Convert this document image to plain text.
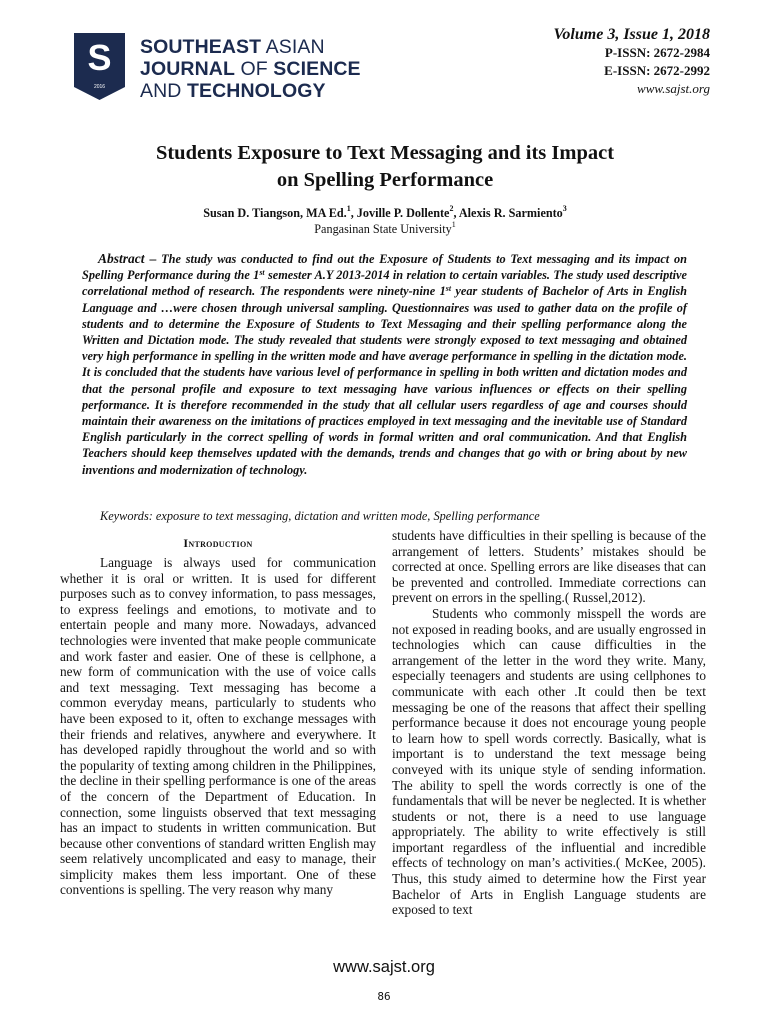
S
2016
SOUTHEAST ASIAN
JOURNAL OF SCIENCE
AND TECHNOLOGY
Volume 3, Issue 1, 2018
P-ISSN: 2672-2984
E-ISSN: 2672-2992
www.sajst.org
Students Exposure to Text Messaging and its Impact
on Spelling Performance
Susan D. Tiangson, MA Ed.$^1$, Joville P. Dollente$^2$, Alexis R. Sarmiento$^3$
Pangasinan State University$^1$
Abstract – The study was conducted to find out the Exposure of Students to Text messaging and its impact on Spelling Performance during the 1st semester A.Y 2013-2014 in relation to certain variables. The study used descriptive correlational method of research. The respondents were ninety-nine 1st year students of Bachelor of Arts in English Language and …were chosen through universal sampling. Questionnaires was used to gather data on the profile of students and to determine the Exposure of Students to Text Messaging and their spelling performance along the Written and Dictation mode. The study revealed that students were strongly exposed to text messaging and obtained very high performance in spelling in the written mode and have average performance in spelling in the dictation mode. It is concluded that the students have various level of performance in spelling in both written and dictation modes and that the personal profile and exposure to text messaging have various influences or effects on their spelling performance. It is therefore recommended in the study that all cellular users regardless of age and courses should maintain their awareness on the imitations of practices employed in text messaging and the inevitable use of Standard English particularly in the correct spelling of words in formal written and oral communication. And that English Teachers should keep themselves updated with the demands, trends and changes that go with or bring about by new inventions and modernization of technology.
Keywords: exposure to text messaging, dictation and written mode, Spelling performance
Introduction

Language is always used for communication whether it is oral or written. It is used for different purposes such as to convey information, to pass messages, to express feelings and emotions, to motivate and to entertain people and many more. Nowadays, advanced technologies were invented that make people communicate and work faster and easier. One of these is cellphone, a new form of communication with the use of voice calls and text messaging. Text messaging has become a common everyday means, particularly to students who have been exposed to it, often to exchange messages with their friends and relatives, anywhere and everywhere. It has developed rapidly throughout the world and so with the popularity of texting among children in the Philippines, the decline in their spelling performance is one of the areas of the concern of the Department of Education. In connection, some linguists observed that text messaging has an impact to students in written communication. But because other conventions of standard written English may seem relatively uncomplicated and easy to manage, their simplicity makes them less important. One of these conventions is spelling. The very reason why many

students have difficulties in their spelling is because of the arrangement of letters. Students’ mistakes should be corrected at once. Spelling errors are like diseases that can be prevented and controlled. Immediate corrections can prevent on errors in the spelling.( Russel,2012).

Students who commonly misspell the words are not exposed in reading books, and are usually engrossed in technologies which can cause difficulties in the arrangement of the letter in the word they write. Many, especially teenagers and students are using cellphones to communicate with each other .It could then be text messaging be one of the reasons that affect their spelling performance because it does not encourage young people to learn how to spell words correctly. Basically, what is important is to understand the text message being conveyed with its unique style of sending information. The ability to spell the words correctly is one of the fundamentals that will be never be neglected. It is whether students or not, there is a need to use language appropriately. The ability to write effectively is still important regardless of the influential and incredible effects of technology on man’s activities.( McKee, 2005). Thus, this study aimed to determine how the First year Bachelor of Arts in English Language students are exposed to text

www.sajst.org
86
